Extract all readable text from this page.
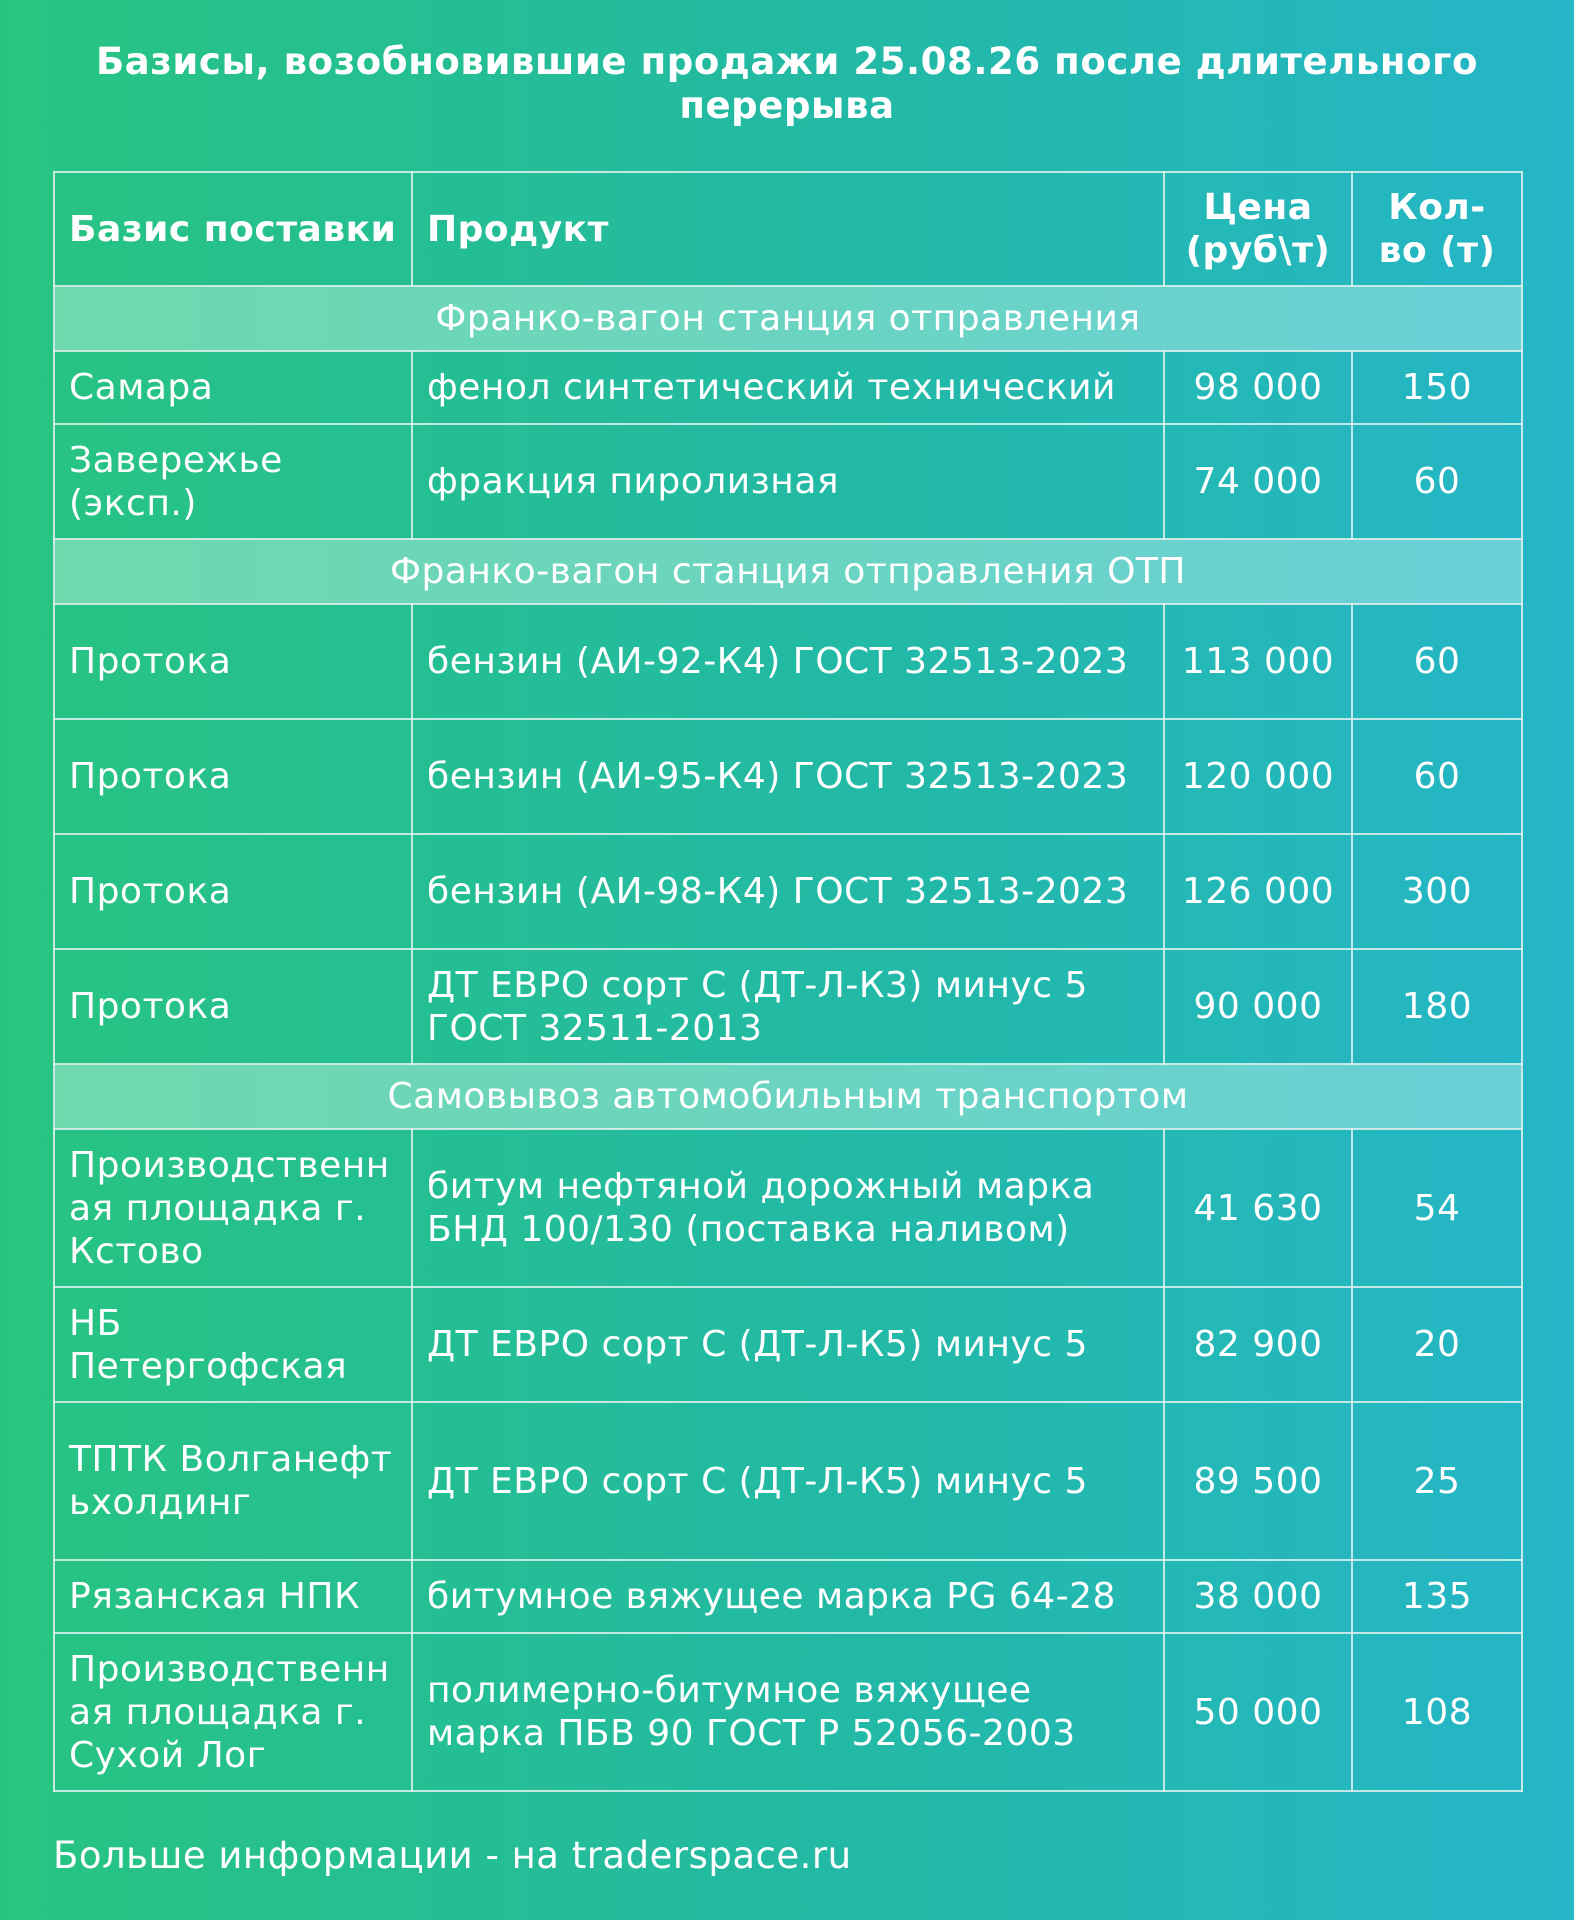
Базисы, возобновившие продажи 25.08.26 после длительного перерыва
Базис поставки	Продукт	Цена (руб\т)	Кол-во (т)
Франко-вагон станция отправления			
Самара	фенол синтетический технический	98 000	150
Завережье (эксп.)	фракция пиролизная	74 000	60
Франко-вагон станция отправления ОТП			
Протока	бензин (АИ-92-К4) ГОСТ 32513-2023	113 000	60
Протока	бензин (АИ-95-К4) ГОСТ 32513-2023	120 000	60
Протока	бензин (АИ-98-К4) ГОСТ 32513-2023	126 000	300
Протока	ДТ ЕВРО сорт С (ДТ-Л-К3) минус 5 ГОСТ 32511-2013	90 000	180
Самовывоз автомобильным транспортом			
Производственная площадка г. Кстово	битум нефтяной дорожный марка БНД 100/130 (поставка наливом)	41 630	54
НБ Петергофская	ДТ ЕВРО сорт С (ДТ-Л-К5) минус 5	82 900	20
ТПТК Волганефтьхолдинг	ДТ ЕВРО сорт С (ДТ-Л-К5) минус 5	89 500	25
Рязанская НПК	битумное вяжущее марка PG 64-28	38 000	135
Производственная площадка г. Сухой Лог	полимерно-битумное вяжущее марка ПБВ 90 ГОСТ Р 52056-2003	50 000	108
Больше информации - на traderspace.ru
